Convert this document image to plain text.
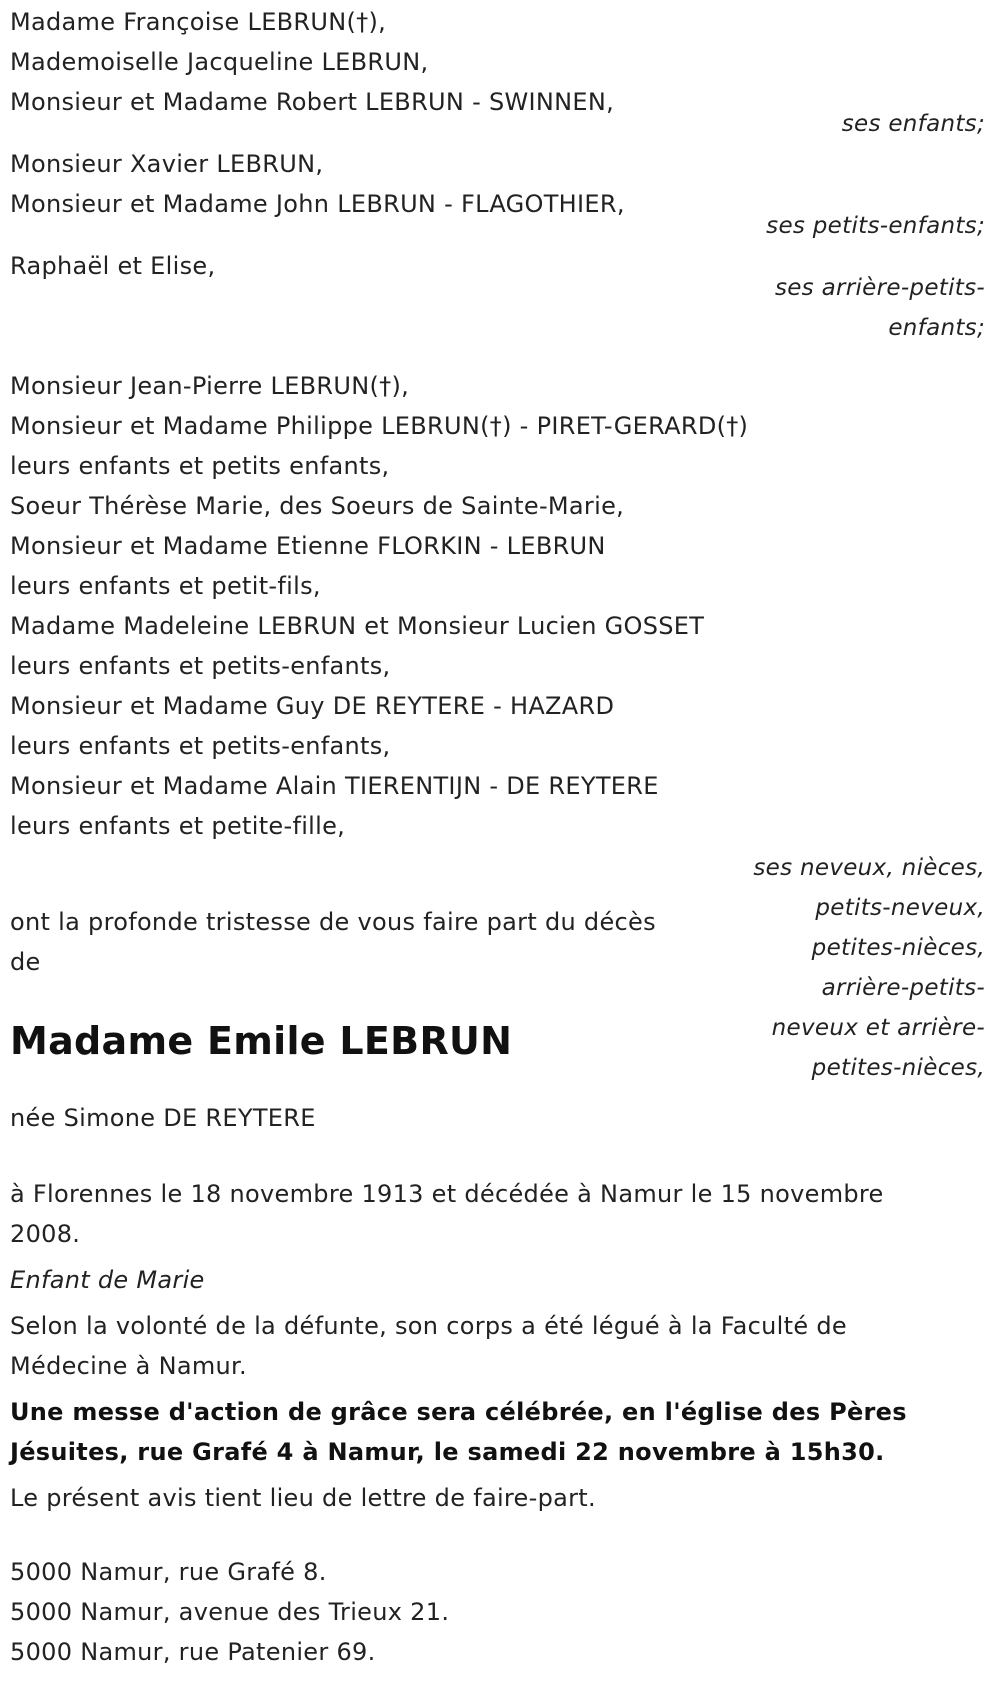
Madame Françoise LEBRUN(†),
Mademoiselle Jacqueline LEBRUN,
Monsieur et Madame Robert LEBRUN - SWINNEN,
ses enfants;
Monsieur Xavier LEBRUN,
Monsieur et Madame John LEBRUN - FLAGOTHIER,
ses petits-enfants;
Raphaël et Elise,
ses arrière-petits-
enfants;
Monsieur Jean-Pierre LEBRUN(†),
Monsieur et Madame Philippe LEBRUN(†) - PIRET-GERARD(†)
leurs enfants et petits enfants,
Soeur Thérèse Marie, des Soeurs de Sainte-Marie,
Monsieur et Madame Etienne FLORKIN - LEBRUN
leurs enfants et petit-fils,
Madame Madeleine LEBRUN et Monsieur Lucien GOSSET
leurs enfants et petits-enfants,
Monsieur et Madame Guy DE REYTERE - HAZARD
leurs enfants et petits-enfants,
Monsieur et Madame Alain TIERENTIJN - DE REYTERE
leurs enfants et petite-fille,
ses neveux, nièces,
petits-neveux,
petites-nièces,
arrière-petits-
neveux et arrière-
petites-nièces,
ont la profonde tristesse de vous faire part du décès de
Madame Emile LEBRUN
née Simone DE REYTERE
à Florennes le 18 novembre 1913 et décédée à Namur le 15 novembre 2008.
Enfant de Marie
Selon la volonté de la défunte, son corps a été légué à la Faculté de Médecine à Namur.
Une messe d'action de grâce sera célébrée, en l'église des Pères Jésuites, rue Grafé 4 à Namur, le samedi 22 novembre à 15h30.
Le présent avis tient lieu de lettre de faire-part.
5000 Namur, rue Grafé 8.
5000 Namur, avenue des Trieux 21.
5000 Namur, rue Patenier 69.
